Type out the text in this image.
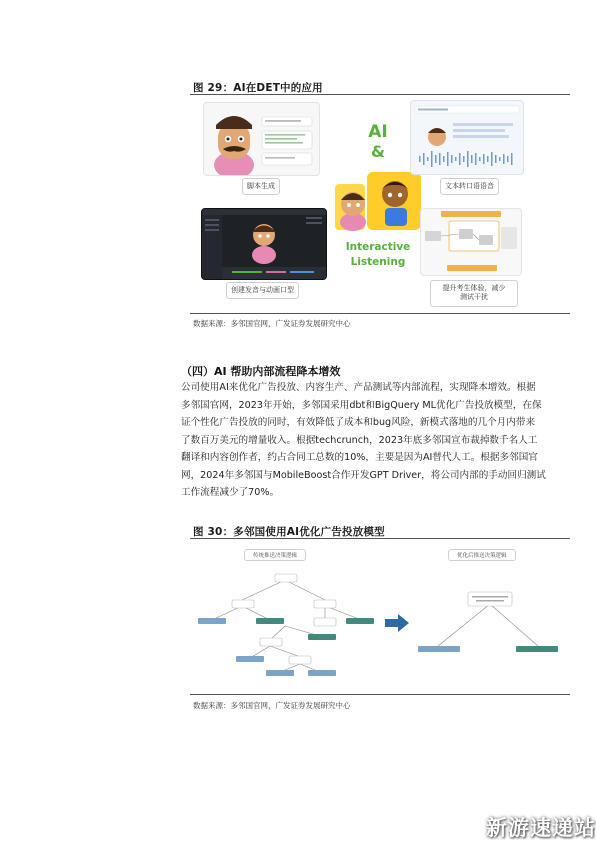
图 29：AI在DET中的应用
脚本生成
AI
&
Interactive
Listening
文本转口语语音
创建发音与动画口型	提升考生体验，减少
测试干扰
数据来源：多邻国官网，广发证券发展研究中心
（四）AI 帮助内部流程降本增效
公司使用AI来优化广告投放、内容生产、产品测试等内部流程，实现降本增效。根据
多邻国官网，2023年开始，多邻国采用dbt和BigQuery ML优化广告投放模型，在保
证个性化广告投放的同时，有效降低了成本和bug风险，新模式落地的几个月内带来
了数百万美元的增量收入。根据techcrunch，2023年底多邻国宣布裁掉数千名人工
翻译和内容创作者，约占合同工总数的10%，主要是因为AI替代人工。根据多邻国官
网，2024年多邻国与MobileBoost合作开发GPT Driver，将公司内部的手动回归测试
工作流程减少了70%。
图 30：多邻国使用AI优化广告投放模型
传统推送决策逻辑	优化后推送决策逻辑
数据来源：多邻国官网，广发证券发展研究中心
新游速递站
